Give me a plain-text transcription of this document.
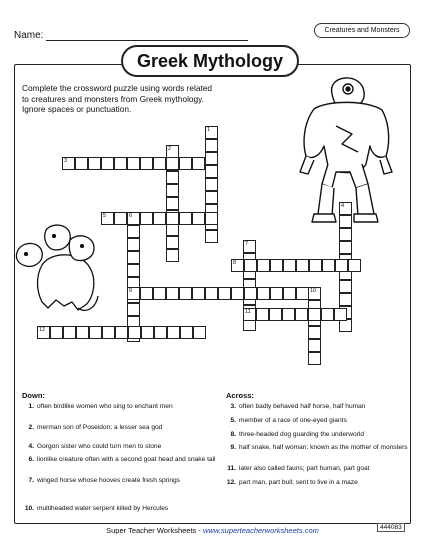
Name:	Creatures and Monsters
Greek Mythology
Complete the crossword puzzle using words related to creatures and monsters from Greek mythology. Ignore spaces or punctuation.
1
2
3
4
5	6
7
8
9	10
11
12
Down:	Across:
1. often birdlike women who sing to enchant men
2. merman son of Poseidon; a lesser sea god
4. Gorgon sister who could turn men to stone
6. lionlike creature often with a second goat head and snake tail
7. winged horse whose hooves create fresh springs
10. multiheaded water serpent killed by Hercules
3. often badly behaved half horse, half human
5. member of a race of one-eyed giants
8. three-headed dog guarding the underworld
9. half snake, half woman; known as the mother of monsters
11. later also called fauns; part human, part goat
12. part man, part bull; sent to live in a maze
Super Teacher Worksheets - www.superteacherworksheets.com	444083
